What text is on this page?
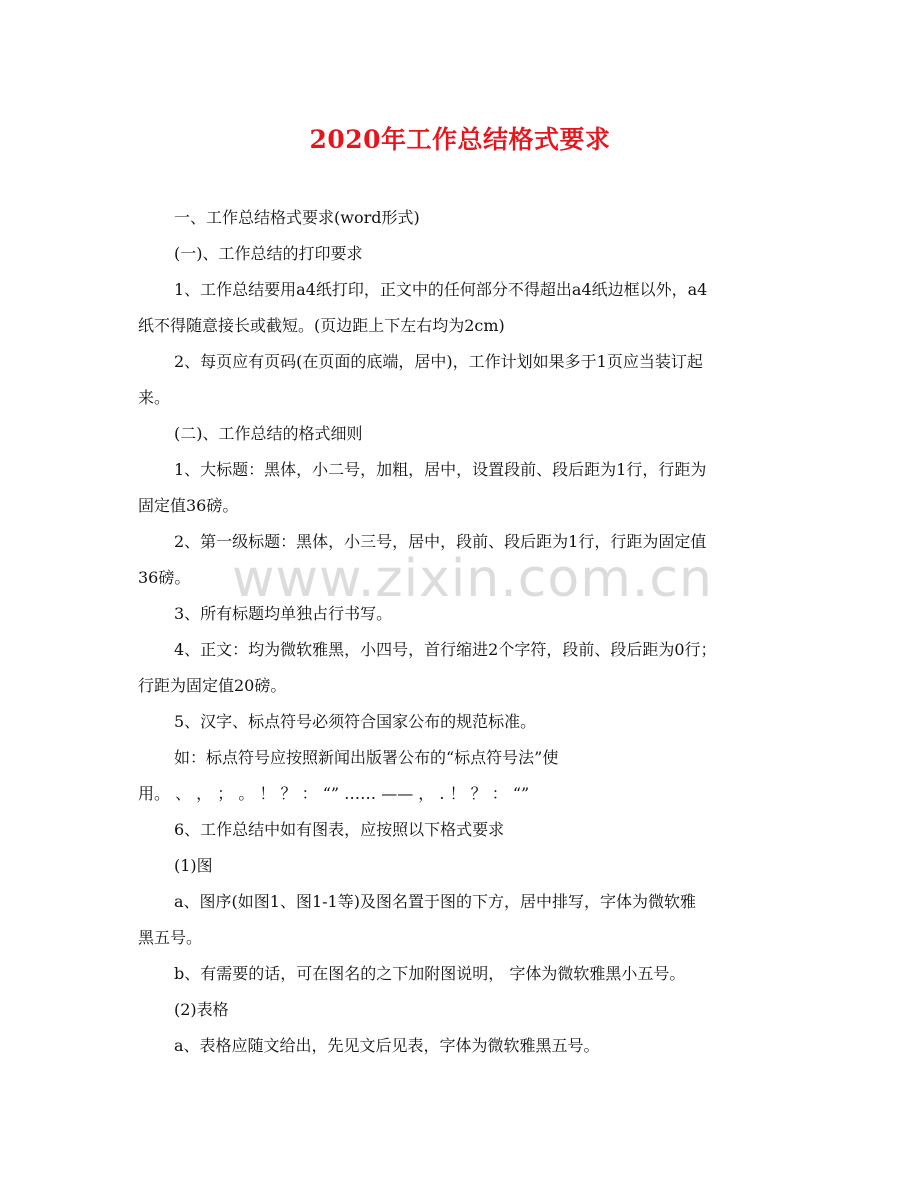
www.zixin.com.cn
2020年工作总结格式要求
一、工作总结格式要求(word形式)
(一)、工作总结的打印要求
1、工作总结要用a4纸打印，正文中的任何部分不得超出a4纸边框以外，a4
纸不得随意接长或截短。(页边距上下左右均为2cm)
2、每页应有页码(在页面的底端，居中)，工作计划如果多于1页应当装订起
来。
(二)、工作总结的格式细则
1、大标题：黑体，小二号，加粗，居中，设置段前、段后距为1行，行距为
固定值36磅。
2、第一级标题：黑体，小三号，居中，段前、段后距为1行，行距为固定值
36磅。
3、所有标题均单独占行书写。
4、正文：均为微软雅黑，小四号，首行缩进2个字符，段前、段后距为0行；
行距为固定值20磅。
5、汉字、标点符号必须符合国家公布的规范标准。
如：标点符号应按照新闻出版署公布的“标点符号法”使
用。 、 ， ； 。 ！ ？ ： “” …… —— ， . ！ ？ ： “”
6、工作总结中如有图表，应按照以下格式要求
(1)图
a、图序(如图1、图1-1等)及图名置于图的下方，居中排写，字体为微软雅
黑五号。
b、有需要的话，可在图名的之下加附图说明， 字体为微软雅黑小五号。
(2)表格
a、表格应随文给出，先见文后见表，字体为微软雅黑五号。
